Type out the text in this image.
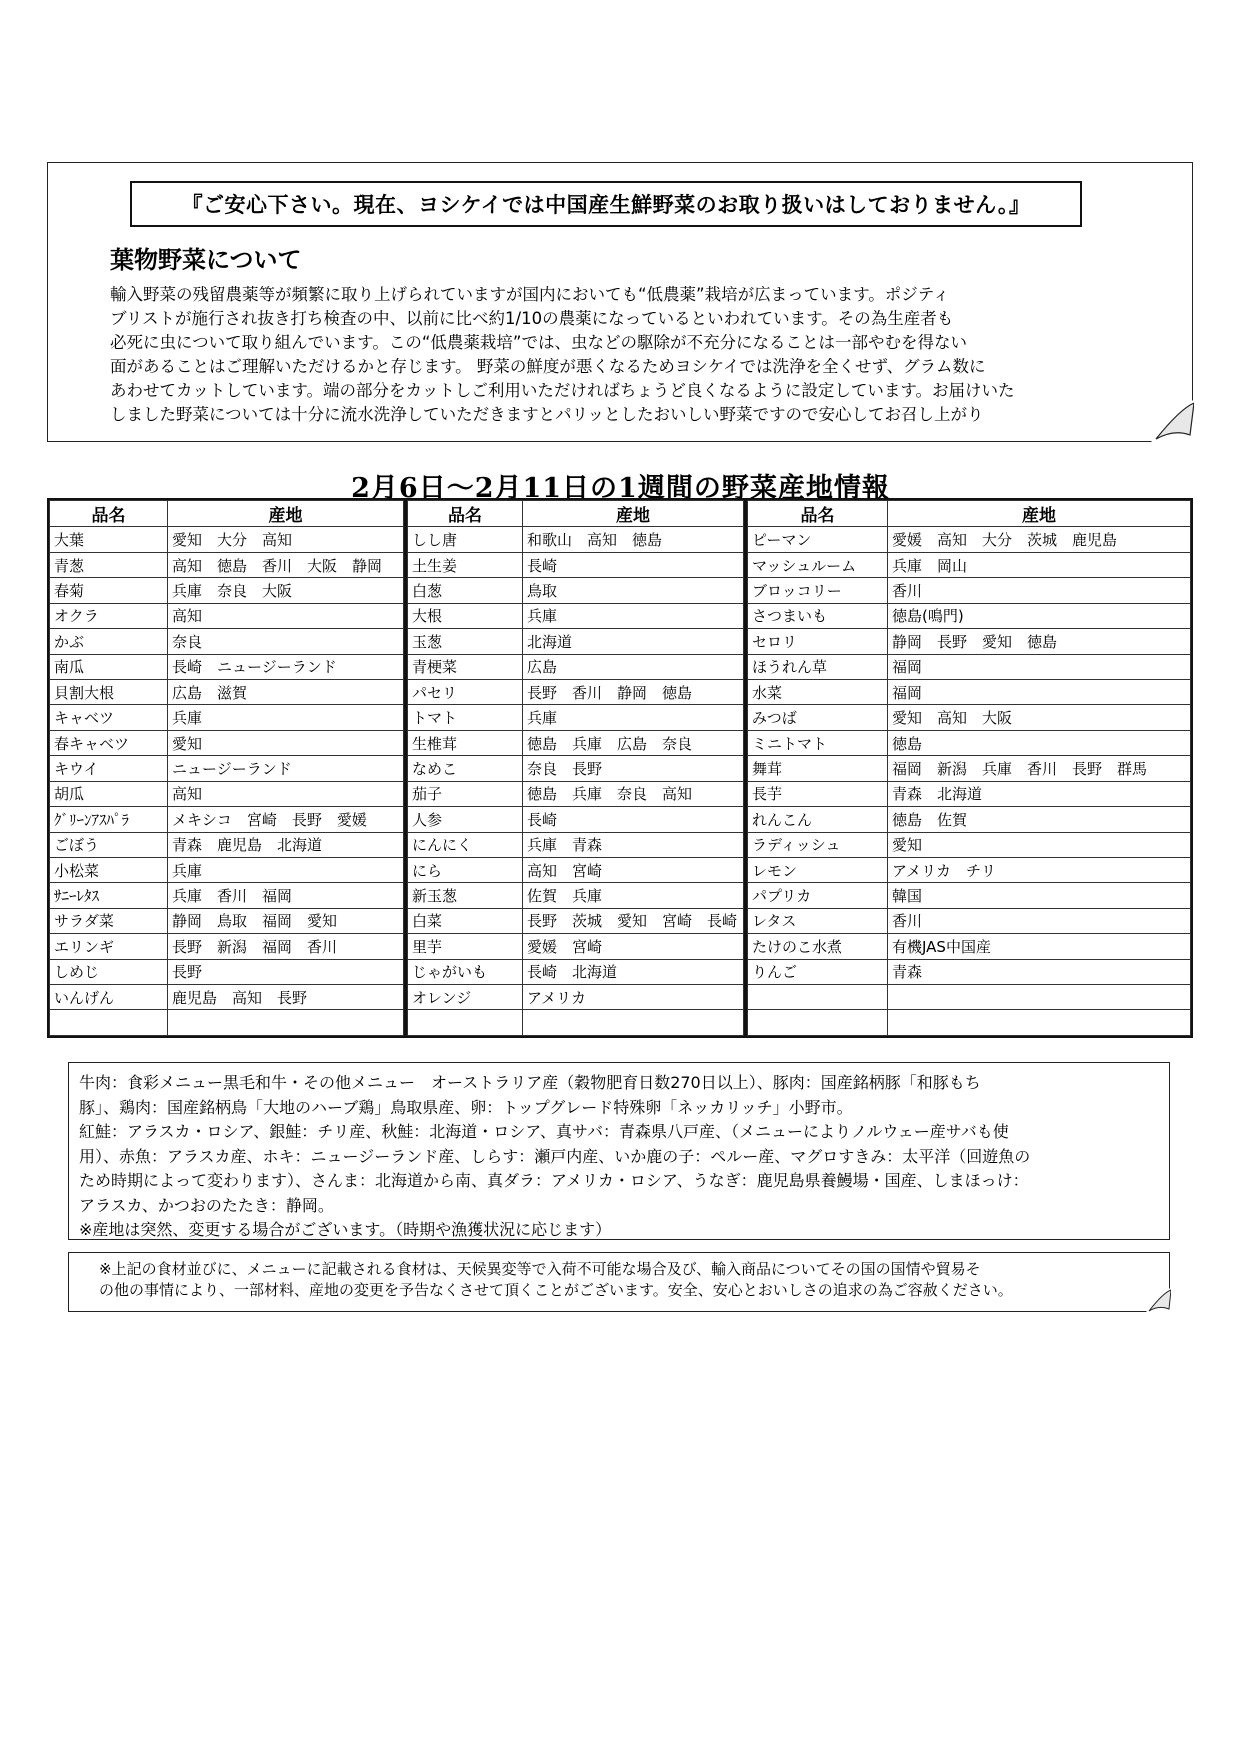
『ご安心下さい。現在、ヨシケイでは中国産生鮮野菜のお取り扱いはしておりません。』
葉物野菜について
輸入野菜の残留農薬等が頻繁に取り上げられていますが国内においても“低農薬”栽培が広まっています。ポジティ
ブリストが施行され抜き打ち検査の中、以前に比べ約1/10の農薬になっているといわれています。その為生産者も
必死に虫について取り組んでいます。この“低農薬栽培”では、虫などの駆除が不充分になることは一部やむを得ない
面があることはご理解いただけるかと存じます。 野菜の鮮度が悪くなるためヨシケイでは洗浄を全くせず、グラム数に
あわせてカットしています。端の部分をカットしご利用いただければちょうど良くなるように設定しています。お届けいた
しました野菜については十分に流水洗浄していただきますとパリッとしたおいしい野菜ですので安心してお召し上がり
2月6日～2月11日の1週間の野菜産地情報
品名	産地
大葉	愛知　大分　高知
青葱	高知　徳島　香川　大阪　静岡
春菊	兵庫　奈良　大阪
オクラ	高知
かぶ	奈良
南瓜	長崎　ニュージーランド
貝割大根	広島　滋賀
キャベツ	兵庫
春キャベツ	愛知
キウイ	ニュージーランド
胡瓜	高知
ｸﾞﾘｰﾝｱｽﾊﾟﾗ	メキシコ　宮崎　長野　愛媛
ごぼう	青森　鹿児島　北海道
小松菜	兵庫
ｻﾆｰﾚﾀｽ	兵庫　香川　福岡
サラダ菜	静岡　鳥取　福岡　愛知
エリンギ	長野　新潟　福岡　香川
しめじ	長野
いんげん	鹿児島　高知　長野

品名	産地
しし唐	和歌山　高知　徳島
土生姜	長崎
白葱	鳥取
大根	兵庫
玉葱	北海道
青梗菜	広島
パセリ	長野　香川　静岡　徳島
トマト	兵庫
生椎茸	徳島　兵庫　広島　奈良
なめこ	奈良　長野
茄子	徳島　兵庫　奈良　高知
人参	長崎
にんにく	兵庫　青森
にら	高知　宮崎
新玉葱	佐賀　兵庫
白菜	長野　茨城　愛知　宮崎　長崎
里芋	愛媛　宮崎
じゃがいも	長崎　北海道
オレンジ	アメリカ

品名	産地
ピーマン	愛媛　高知　大分　茨城　鹿児島
マッシュルーム	兵庫　岡山
ブロッコリー	香川
さつまいも	徳島(鳴門)
セロリ	静岡　長野　愛知　徳島
ほうれん草	福岡
水菜	福岡
みつば	愛知　高知　大阪
ミニトマト	徳島
舞茸	福岡　新潟　兵庫　香川　長野　群馬
長芋	青森　北海道
れんこん	徳島　佐賀
ラディッシュ	愛知
レモン	アメリカ　チリ
パプリカ	韓国
レタス	香川
たけのこ水煮	有機JAS中国産
りんご	青森

牛肉：食彩メニュー黒毛和牛・その他メニュー　オーストラリア産（穀物肥育日数270日以上）、豚肉：国産銘柄豚「和豚もち
豚」、鶏肉：国産銘柄鳥「大地のハーブ鶏」鳥取県産、卵：トップグレード特殊卵「ネッカリッチ」小野市。
紅鮭：アラスカ・ロシア、銀鮭：チリ産、秋鮭：北海道・ロシア、真サバ：青森県八戸産、（メニューによりノルウェー産サバも使
用）、赤魚：アラスカ産、ホキ：ニュージーランド産、しらす：瀬戸内産、いか鹿の子：ペルー産、マグロすきみ：太平洋（回遊魚の
ため時期によって変わります）、さんま：北海道から南、真ダラ：アメリカ・ロシア、うなぎ：鹿児島県養鰻場・国産、しまほっけ：
アラスカ、かつおのたたき：静岡。
※産地は突然、変更する場合がございます。（時期や漁獲状況に応じます）
※上記の食材並びに、メニューに記載される食材は、天候異変等で入荷不可能な場合及び、輸入商品についてその国の国情や貿易そ
の他の事情により、一部材料、産地の変更を予告なくさせて頂くことがございます。安全、安心とおいしさの追求の為ご容赦ください。
